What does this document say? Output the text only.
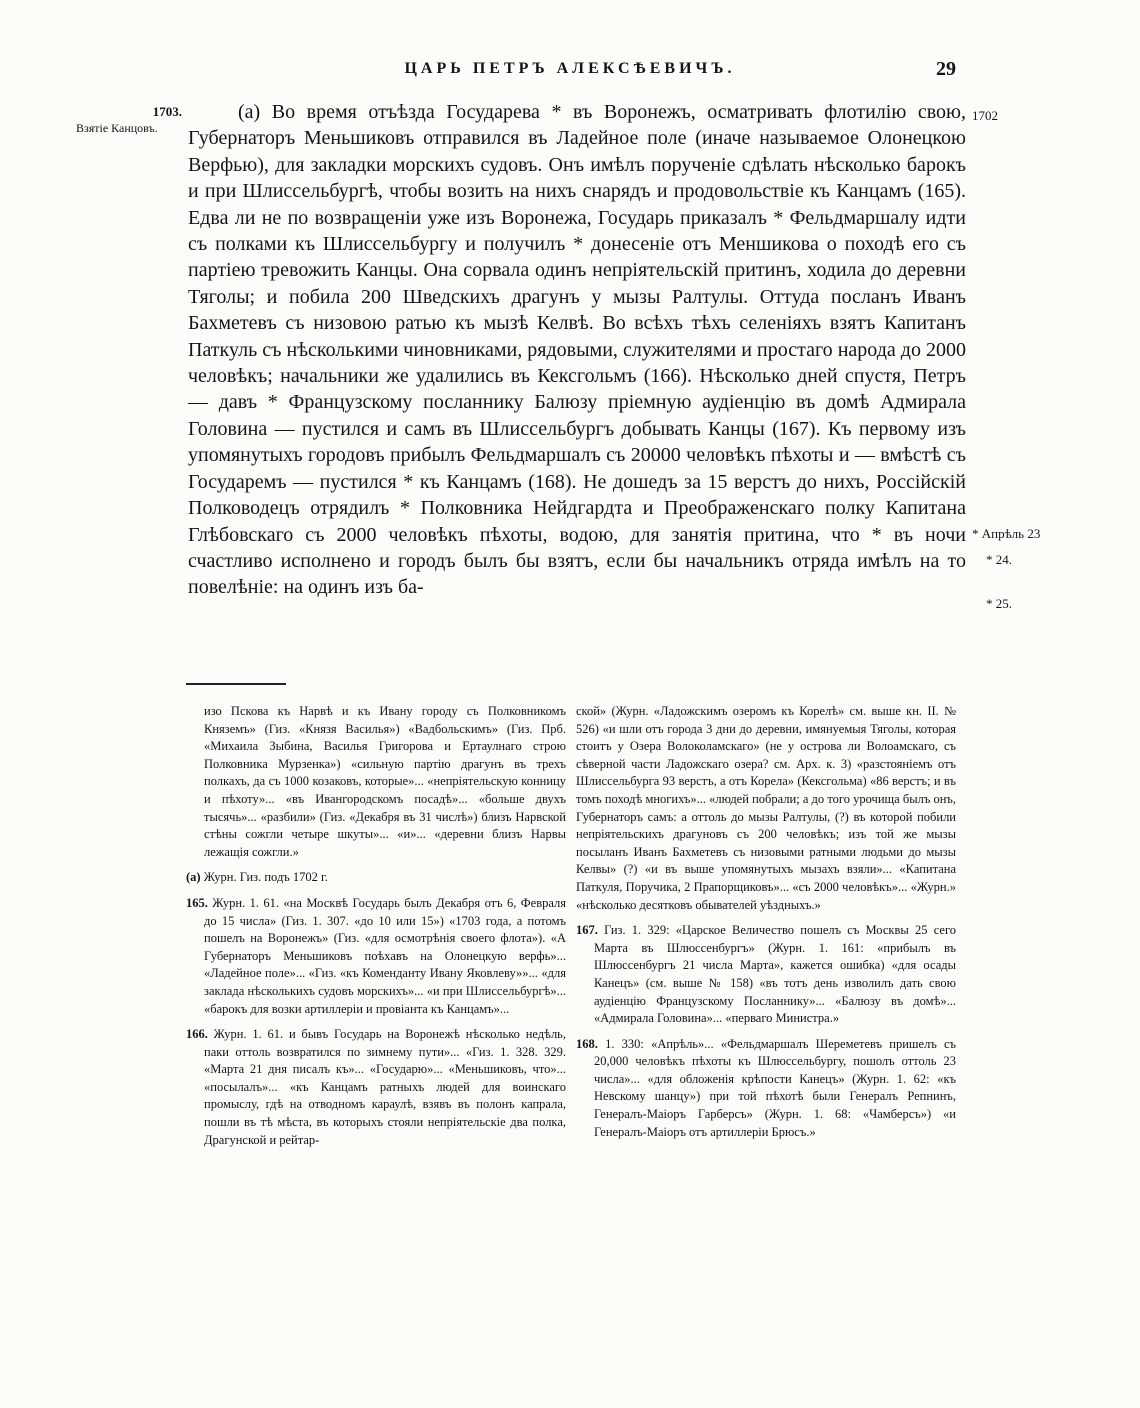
ЦАРЬ ПЕТРЪ АЛЕКСѢЕВИЧЪ.	29
1703.
Взятіе Канцовъ.
1702
* Апрѣль 23
* 24.
* 25.

(a) Во время отъѣзда Государева * въ Воронежъ, осматривать флотилію свою, Губернаторъ Меньшиковъ отправился въ Ладейное поле (иначе называемое Олонецкою Верфью), для закладки морскихъ судовъ. Онъ имѣлъ порученіе сдѣлать нѣсколько барокъ и при Шлиссельбургѣ, чтобы возить на нихъ снарядъ и продовольствіе къ Канцамъ (165). Едва ли не по возвращеніи уже изъ Воронежа, Государь приказалъ * Фельдмаршалу идти съ полками къ Шлиссельбургу и получилъ * донесеніе отъ Меншикова о походѣ его съ партіею тревожить Канцы. Она сорвала одинъ непріятельскій притинъ, ходила до деревни Тяголы; и побила 200 Шведскихъ драгунъ у мызы Ралтулы. Оттуда посланъ Иванъ Бахметевъ съ низовою ратью къ мызѣ Келвѣ. Во всѣхъ тѣхъ селеніяхъ взятъ Капитанъ Паткуль съ нѣсколькими чиновниками, рядовыми, служителями и простаго народа до 2000 человѣкъ; начальники же удалились въ Кексгольмъ (166). Нѣсколько дней спустя, Петръ — давъ * Французскому посланнику Балюзу пріемную аудіенцію въ домѣ Адмирала Головина — пустился и самъ въ Шлиссельбургъ добывать Канцы (167). Къ первому изъ упомянутыхъ городовъ прибылъ Фельдмаршалъ съ 20000 человѣкъ пѣхоты и — вмѣстѣ съ Государемъ — пустился * къ Канцамъ (168). Не дошедъ за 15 верстъ до нихъ, Россійскій Полководецъ отрядилъ * Полковника Нейдгардта и Преображенскаго полку Капитана Глѣбовскаго съ 2000 человѣкъ пѣхоты, водою, для занятія притина, что * въ ночи счастливо исполнено и городъ былъ бы взятъ, если бы начальникъ отряда имѣлъ на то повелѣніе: на одинъ изъ ба-

изо Пскова къ Нарвѣ и къ Ивану городу съ Полковникомъ Княземъ» (Гиз. «Князя Василья») «Вадбольскимъ» (Гиз. Прб. «Михаила Зыбина, Василья Григорова и Ертаулнаго строю Полковника Мурзенка») «сильную партію драгунъ въ трехъ полкахъ, да съ 1000 козаковъ, которые»... «непріятельскую конницу и пѣхоту»... «въ Ивангородскомъ посадѣ»... «больше двухъ тысячь»... «разбили» (Гиз. «Декабря въ 31 числѣ») близъ Нарвской стѣны сожгли четыре шкуты»... «и»... «деревни близъ Нарвы лежащія сожгли.»

(a) Журн. Гиз. подъ 1702 г.

165. Журн. 1. 61. «на Москвѣ Государь былъ Декабря отъ 6, Февраля до 15 числа» (Гиз. 1. 307. «до 10 или 15») «1703 года, а потомъ пошелъ на Воронежъ» (Гиз. «для осмотрѣнія своего флота»). «А Губернаторъ Меньшиковъ поѣхавъ на Олонецкую верфь»... «Ладейное поле»... «Гиз. «къ Коменданту Ивану Яковлеву»»... «для заклада нѣсколькихъ судовъ морскихъ»... «и при Шлиссельбургѣ»... «барокъ для возки артиллеріи и провіанта къ Канцамъ»...

166. Журн. 1. 61. и бывъ Государь на Воронежѣ нѣсколько недѣль, паки оттоль возвратился по зимнему пути»... «Гиз. 1. 328. 329. «Марта 21 дня писалъ къ»... «Государю»... «Меньшиковъ, что»... «посылалъ»... «къ Канцамъ ратныхъ людей для воинскаго промыслу, гдѣ на отводномъ караулѣ, взявъ въ полонъ капрала, пошли въ тѣ мѣста, въ которыхъ стояли непріятельскіе два полка, Драгунской и рейтар-

ской» (Журн. «Ладожскимъ озеромъ къ Корелѣ» см. выше кн. II. № 526) «и шли отъ города 3 дни до деревни, имянуемыя Тяголы, которая стоитъ у Озера Волоколамскаго» (не у острова ли Волоамскаго, съ сѣверной части Ладожскаго озера? см. Арх. к. 3) «разстояніемъ отъ Шлиссельбурга 93 верстъ, а отъ Корела» (Кексгольма) «86 верстъ; и въ томъ походѣ многихъ»... «людей побрали; а до того урочища былъ онъ, Губернаторъ самъ: а оттоль до мызы Ралтулы, (?) въ которой побили непріятельскихъ драгуновъ съ 200 человѣкъ; изъ той же мызы посыланъ Иванъ Бахметевъ съ низовыми ратными людьми до мызы Келвы» (?) «и въ выше упомянутыхъ мызахъ взяли»... «Капитана Паткуля, Поручика, 2 Прапорщиковъ»... «съ 2000 человѣкъ»... «Журн.» «нѣсколько десятковъ обывателей уѣздныхъ.»

167. Гиз. 1. 329: «Царское Величество пошелъ съ Москвы 25 сего Марта въ Шлюссенбургъ» (Журн. 1. 161: «прибылъ въ Шлюссенбургъ 21 числа Марта», кажется ошибка) «для осады Канецъ» (см. выше № 158) «въ тотъ день изволилъ дать свою аудіенцію Французскому Посланнику»... «Балюзу въ домѣ»... «Адмирала Головина»... «перваго Министра.»

168. 1. 330: «Апрѣль»... «Фельдмаршалъ Шереметевъ пришелъ съ 20,000 человѣкъ пѣхоты къ Шлюссельбургу, пошолъ оттоль 23 числа»... «для обложенія крѣпости Канецъ» (Журн. 1. 62: «къ Невскому шанцу») при той пѣхотѣ были Генералъ Репнинъ, Генералъ-Маіоръ Гарберсъ» (Журн. 1. 68: «Чамберсъ») «и Генералъ-Маіоръ отъ артиллеріи Брюсъ.»
